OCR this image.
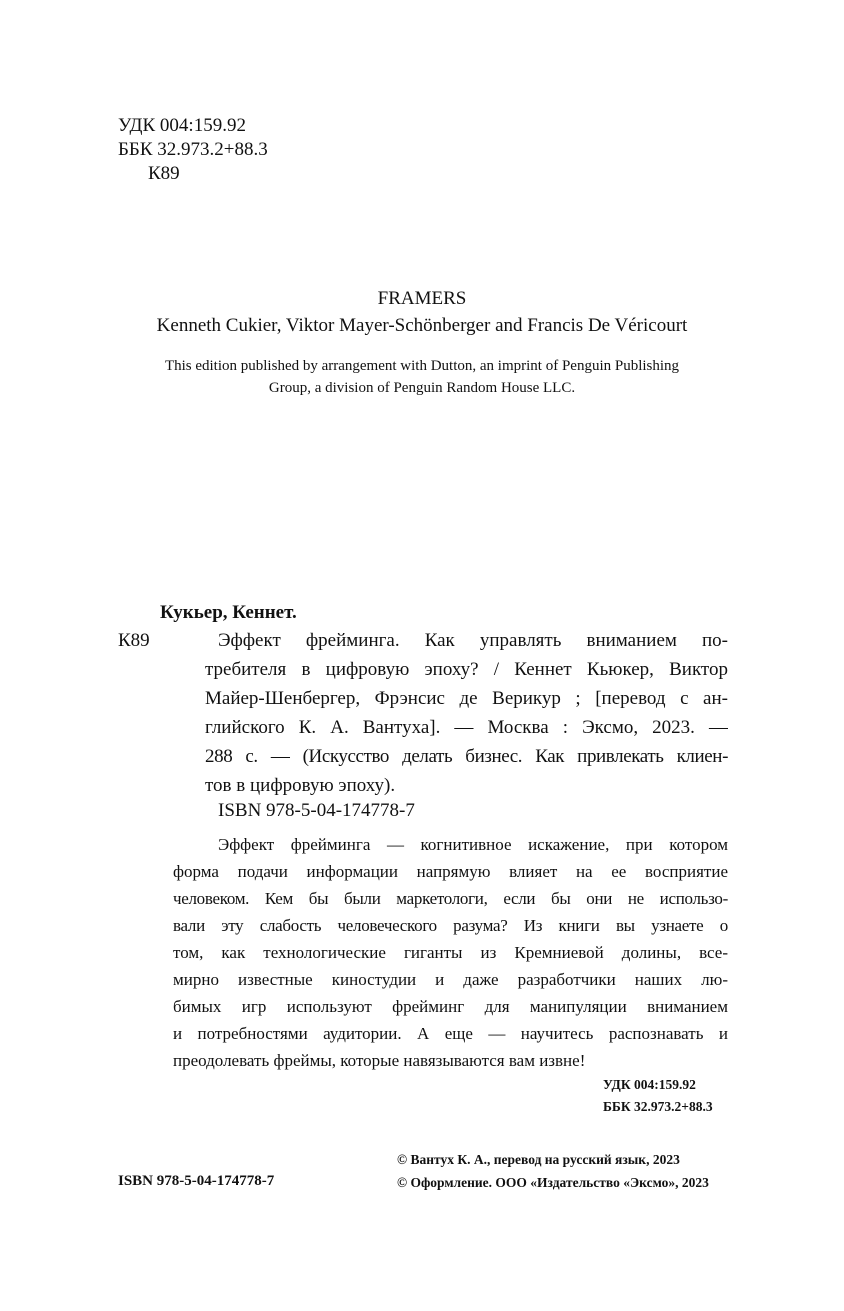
УДК 004:159.92
ББК 32.973.2+88.3
К89
FRAMERS
Kenneth Cukier, Viktor Mayer-Schönberger and Francis De Véricourt
This edition published by arrangement with Dutton, an imprint of Penguin Publishing
Group, a division of Penguin Random House LLC.
Кукьер, Кеннет.
К89	Эффект фрейминга. Как управлять вниманием по-
требителя в цифровую эпоху? / Кеннет Кьюкер, Виктор
Майер-Шенбергер, Фрэнсис де Верикур ; [перевод с ан-
глийского К. А. Вантуха]. — Москва : Эксмо, 2023. —
288 с. — (Искусство делать бизнес. Как привлекать клиен-
тов в цифровую эпоху).
ISBN 978-5-04-174778-7
Эффект фрейминга — когнитивное искажение, при котором
форма подачи информации напрямую влияет на ее восприятие
человеком. Кем бы были маркетологи, если бы они не использо-
вали эту слабость человеческого разума? Из книги вы узнаете о
том, как технологические гиганты из Кремниевой долины, все-
мирно известные киностудии и даже разработчики наших лю-
бимых игр используют фрейминг для манипуляции вниманием
и потребностями аудитории. А еще — научитесь распознавать и
преодолевать фреймы, которые навязываются вам извне!
УДК 004:159.92
ББК 32.973.2+88.3
ISBN 978-5-04-174778-7
© Вантух К. А., перевод на русский язык, 2023
© Оформление. ООО «Издательство «Эксмо», 2023
